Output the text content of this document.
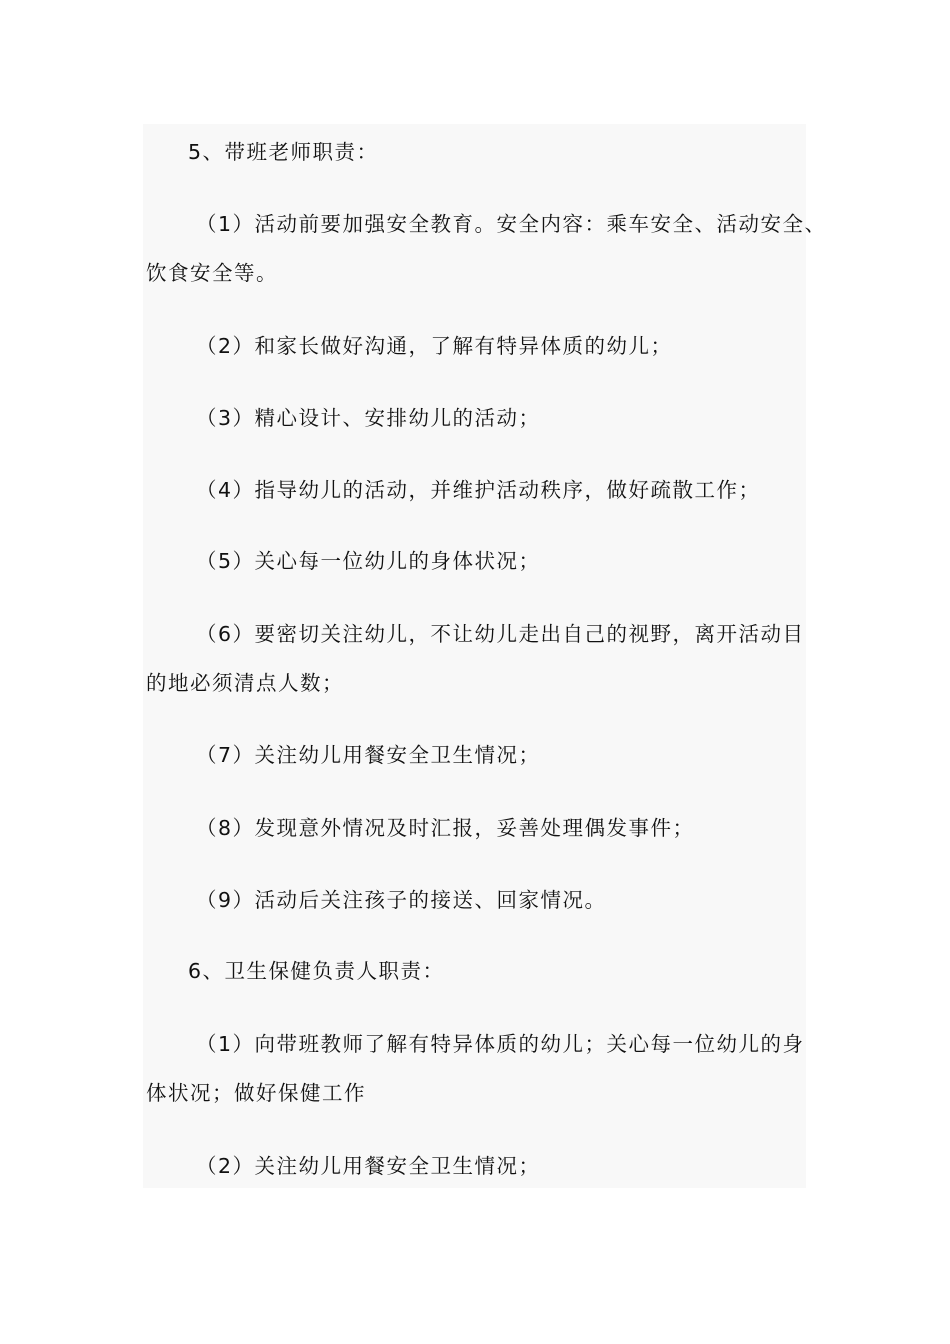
5、带班老师职责：

（1）活动前要加强安全教育。安全内容：乘车安全、活动安全、

饮食安全等。

（2）和家长做好沟通，了解有特异体质的幼儿；

（3）精心设计、安排幼儿的活动；

（4）指导幼儿的活动，并维护活动秩序，做好疏散工作；

（5）关心每一位幼儿的身体状况；

（6）要密切关注幼儿，不让幼儿走出自己的视野，离开活动目

的地必须清点人数；

（7）关注幼儿用餐安全卫生情况；

（8）发现意外情况及时汇报，妥善处理偶发事件；

（9）活动后关注孩子的接送、回家情况。

6、卫生保健负责人职责：

（1）向带班教师了解有特异体质的幼儿；关心每一位幼儿的身

体状况；做好保健工作

（2）关注幼儿用餐安全卫生情况；
